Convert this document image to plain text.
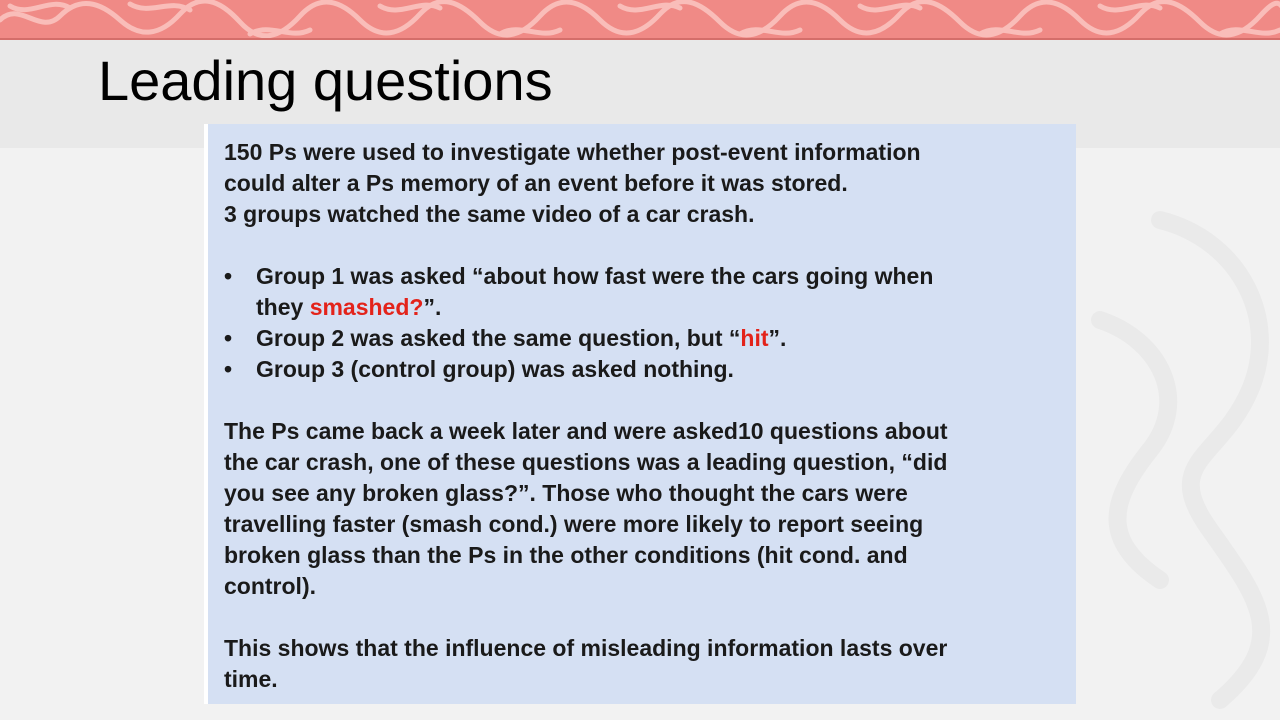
Leading questions

150 Ps were used to investigate whether post-event information

could alter a Ps memory of an event before it was stored.

3 groups watched the same video of a car crash.

•	Group 1 was asked “about how fast were the cars going when
they smashed?”.
•	Group 2 was asked the same question, but “hit”.
•	Group 3 (control group) was asked nothing.

The Ps came back a week later and were asked10 questions about

the car crash, one of these questions was a leading question, “did

you see any broken glass?”. Those who thought the cars were

travelling faster (smash cond.) were more likely to report seeing

broken glass than the Ps in the other conditions (hit cond. and

control).

This shows that the influence of misleading information lasts over

time.
